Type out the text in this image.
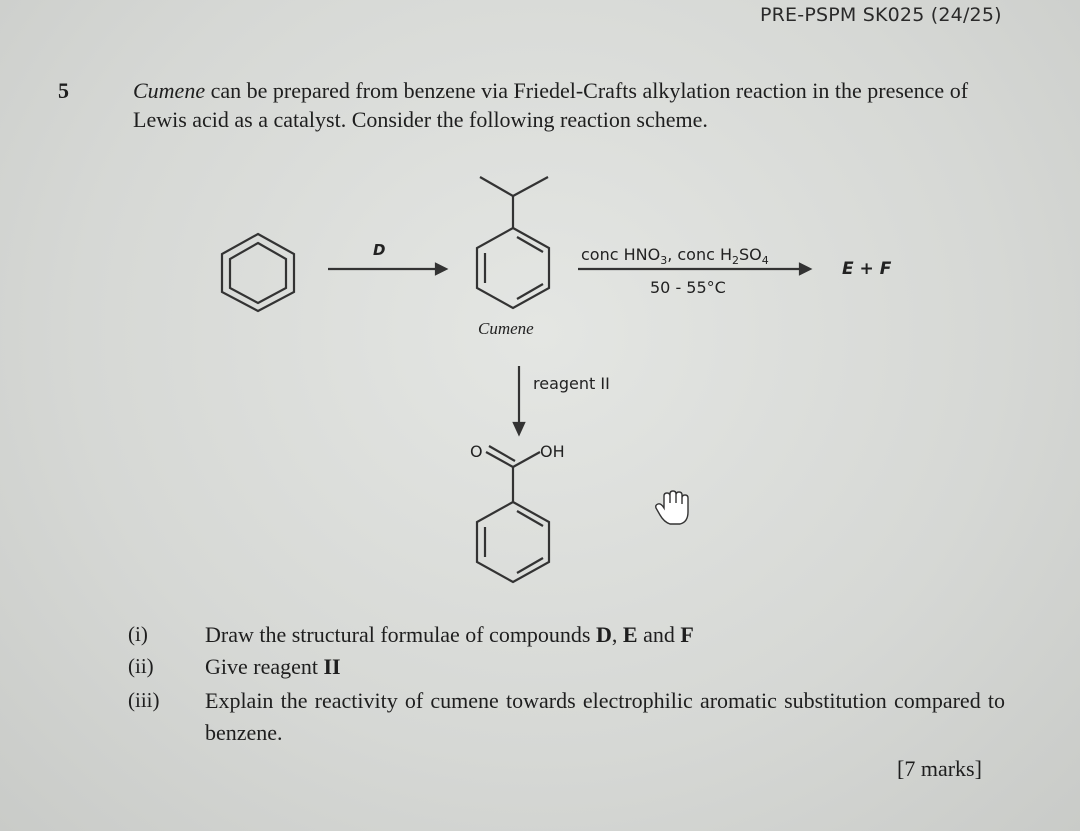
PRE-PSPM SK025 (24/25)
5	Cumene can be prepared from benzene via Friedel-Crafts alkylation reaction in the presence of Lewis acid as a catalyst. Consider the following reaction scheme.
D	conc $HNO_3$, conc $H_2SO_4$
50 - 55°C
E + F
Cumene
reagent II
O	OH
(i)	Draw the structural formulae of compounds D, E and F
(ii) Give reagent II
(iii) Explain the reactivity of cumene towards electrophilic aromatic substitution compared to benzene.
[7 marks]
